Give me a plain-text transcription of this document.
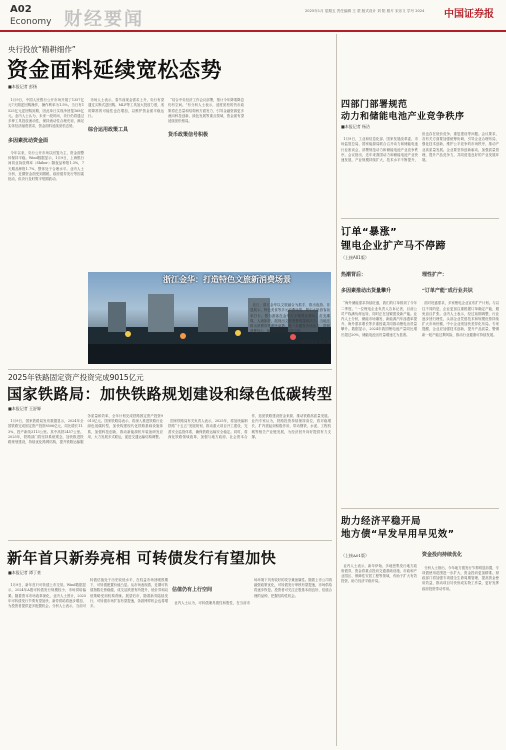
A02
Economy 财经要闻	2025年1月 星期五 责任编辑 王 蒙 版式设计 刘 阳 照片 宋乐义 学号 2024	中国证券报
央行投放“精耕细作”
资金面料延续宽松态势
■本报记者 彭扬

1月9日，中国人民银行公开市场开展了1357亿元7天期逆回购操作，操作利率为1.5%。当日有1525亿元逆回购到期，因此单日实现净回笼168亿元。业内人士认为，未来一段时间，央行仍将通过多种工具投放流动性，保持流动性合理充裕，满足实体经济融资需求，资金面料延续宽松态势。

多因素扰动资金面

今年以来，央行公开市场以回笼为主，资金面整体保持平稳。Wind数据显示，1月9日，上海银行间同业拆放利率（Shibor）隔夜品种报1.3%，7天期品种报1.7%，整体处于合理水平。业内人士分析，近期资金面受到缴税、政府债券发行等因素扰动，但央行及时熨平短期波动。

市场人士表示，春节前现金需求上升，央行有望通过买断式逆回购、MLF等工具加大投放力度，适时降准的可能性也在增加，以维护资金面平稳运行。

综合运用政策工具

“结合中央经济工作会议部署，预计今年降准降息仍有空间。”有分析人士表示，适度宽松的货币政策将在总量和结构两方面发力，引导金融资源更多流向科技创新、绿色发展等重点领域，资金面有望延续宽松格局。

货币政策信号积极

浙江金华：打造特色文旅新消费场景

近日，浙江金华以文旅融合为抓手，推出夜游、非遗展示、特色美食等多元消费场景，吸引大批游客前来打卡。图为游客在金华古子城景区游玩，灯光璀璨，人流如织，展现出文旅消费的蓬勃活力。当地还推出消费券等惠民举措，进一步激发市场活力，提振消费信心，助力经济持续回升向好。

新华社记者 徐昱 摄

2025年铁路固定资产投资完成9015亿元
国家铁路局：加快铁路规划建设和绿色低碳转型
■本报记者 王舒嫄

1月9日，国家铁路局发布数据显示，2024年全国铁路完成固定资产投资8506亿元，同比增长11.3%，投产新线3113公里。其中高铁2457公里。2025年，铁路部门将坚持系统观念，加快推进铁路规划建设，持续优化路网结构，提升铁路运输服务质量和效率，全年计划完成铁路固定资产投资9015亿元。国家铁路局表示，将深入推进铁路行业绿色低碳转型，加快构建现代化铁路基础设施体系，加强科技创新，推动新能源机车装备研发应用，大力发展多式联运，促进交通运输结构调整。

国家铁路局有关负责人表示，2025年，将加快编制铁路“十五五”发展规划，推动重大项目开工建设，完善安全监管体系，确保铁路运输安全稳定。同时，将深化铁路领域改革，加强与地方政府、社会资本合作，拓宽铁路建设资金来源，推动铁路高质量发展。业内专家认为，铁路投资持续保持高位，将对稳增长、扩内需起到积极作用，带动钢铁、水泥、工程机械等相关产业链发展，为经济回升向好提供有力支撑。

新年首只新券亮相 可转债发行有望加快
■本报记者 谭丁豪

1月9日，新年首只可转债上市交易。Wind数据显示，2024年A股可转债发行规模较小，市场供给偏紧。随着资本市场改革深化，业内人士预计，2025年可转债发行节奏有望加快，新券供给将逐步增加，为投资者提供更多配置机会。分析人士表示，当前可转债估值处于历史较低水平，在权益市场回暖预期下，可转债配置价值凸显。从市场表现看，近期可转债指数走势稳健，成交活跃度有所提升，低价券和双低策略受到机构青睐。展望后市，随着新券陆续发行，可转债市场扩容有望提速，条款博弈机会也将增多。

估值仍有上行空间

业内人士认为，可转债兼具债性和股性，在当前市场环境下具有较好的攻守兼备属性。随着上市公司再融资政策优化，可转债发行审核有望提速，市场供给将逐步恢复。投资者可关注正股基本面良好、估值合理的品种，把握结构性机会。

四部门部署规范
动力和储能电池产业竞争秩序
■本报记者 杨洁

1月9日，工业和信息化部、国家发展改革委、市场监管总局、国家能源局联合召开动力和储能电池行业座谈会，部署规范动力和储能电池产业竞争秩序。会议指出，近年来我国动力和储能电池产业快速发展，产业规模持续扩大，技术水平不断提升，但也存在低价竞争、重复建设等问题。会议要求，各有关方面要加强统筹协调，引导企业合理布局，强化技术创新，维护公平竞争的市场秩序，推动产业高质量发展。企业要坚持创新驱动，加强质量管理，提升产品竞争力，共同营造良好的产业发展环境。

订单“暴涨”
锂电企业扩产马不停蹄
（上接A01版）

热潮背后：

多因素推动出货量攀升

“海外储能需求持续旺盛，我们的订单排到了今年二季度。”一位锂电企业负责人告诉记者，目前公司产线满负荷运转，同时正在加紧建设新产能。业内人士分析，储能市场爆发、新能源汽车渗透率提升、海外需求增长等多重因素共同推动锂电出货量攀升。数据显示，2024年我国锂电池产量同比增长超过20%，储能电池出货量增速尤为显著。

理性扩产：

“订单产能”成行业共识

面对旺盛需求，多家锂电企业宣布扩产计划。与以往不同的是，企业更加注重根据订单确定产能，避免盲目扩张。业内人士表示，经过前期调整，行业逐步回归理性，头部企业凭借技术和规模优势持续扩大市场份额，中小企业则加快差异化布局。专家提醒，企业应加强技术创新，提升产品质量，警惕新一轮产能过剩风险，推动行业健康可持续发展。

助力经济平稳开局
地方债“早发早用早见效”

（上接A01版）

业内人士表示，新年伊始，多地密集发行地方政府债券，资金将重点投向交通基础设施、市政和产业园区、保障性安居工程等领域，有助于扩大有效投资，助力经济平稳开局。

资金投向持续优化

分析人士指出，今年地方债发行节奏明显前置，专项债使用范围进一步扩大，资金投向更加精准。财政部门将加强专项债全生命周期管理，提高资金使用效益，推动项目尽快形成实物工作量，更好发挥政府投资带动作用。
